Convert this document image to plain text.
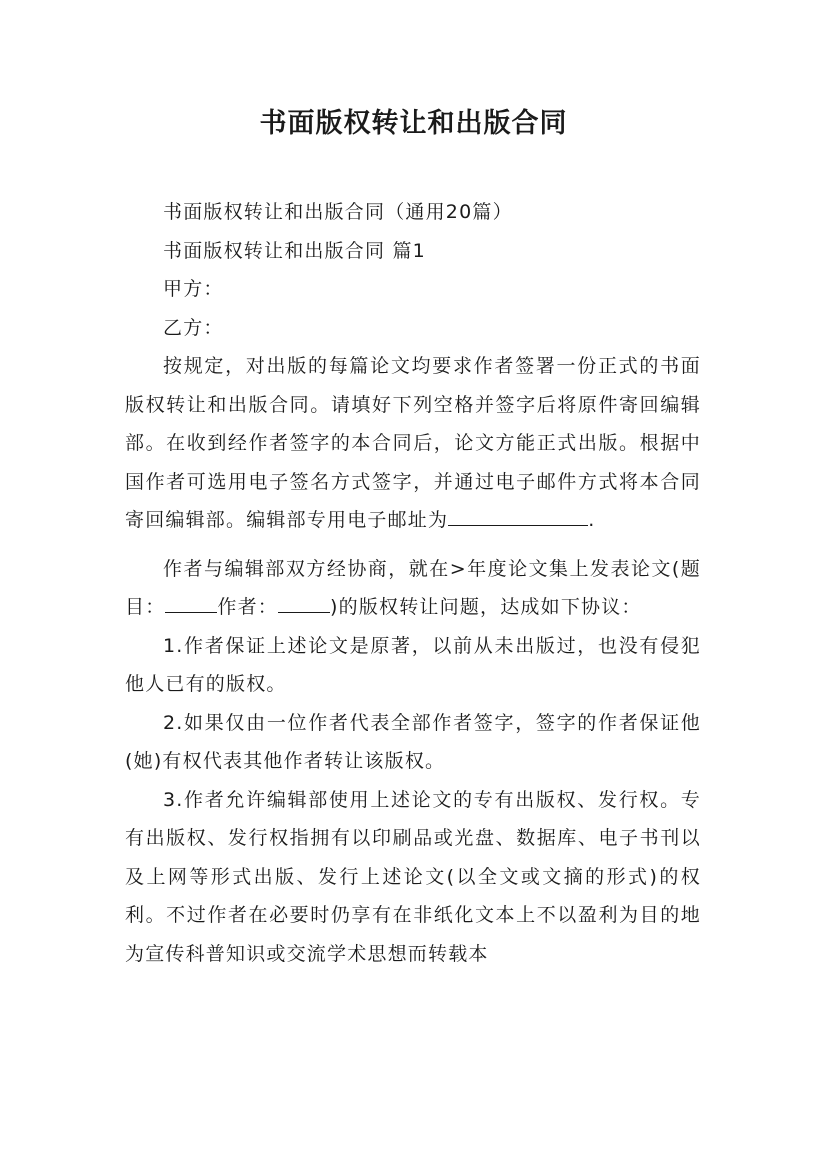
书面版权转让和出版合同

书面版权转让和出版合同（通用20篇）

书面版权转让和出版合同 篇1

甲方：

乙方：

按规定，对出版的每篇论文均要求作者签署一份正式的书面版权转让和出版合同。请填好下列空格并签字后将原件寄回编辑部。在收到经作者签字的本合同后，论文方能正式出版。根据中国作者可选用电子签名方式签字，并通过电子邮件方式将本合同寄回编辑部。编辑部专用电子邮址为	.

作者与编辑部双方经协商，就在>年度论文集上发表论文(题目：	作者：	)的版权转让问题，达成如下协议：

1.作者保证上述论文是原著，以前从未出版过，也没有侵犯他人已有的版权。

2.如果仅由一位作者代表全部作者签字，签字的作者保证他(她)有权代表其他作者转让该版权。

3.作者允许编辑部使用上述论文的专有出版权、发行权。专有出版权、发行权指拥有以印刷品或光盘、数据库、电子书刊以及上网等形式出版、发行上述论文(以全文或文摘的形式)的权利。不过作者在必要时仍享有在非纸化文本上不以盈利为目的地为宣传科普知识或交流学术思想而转载本
